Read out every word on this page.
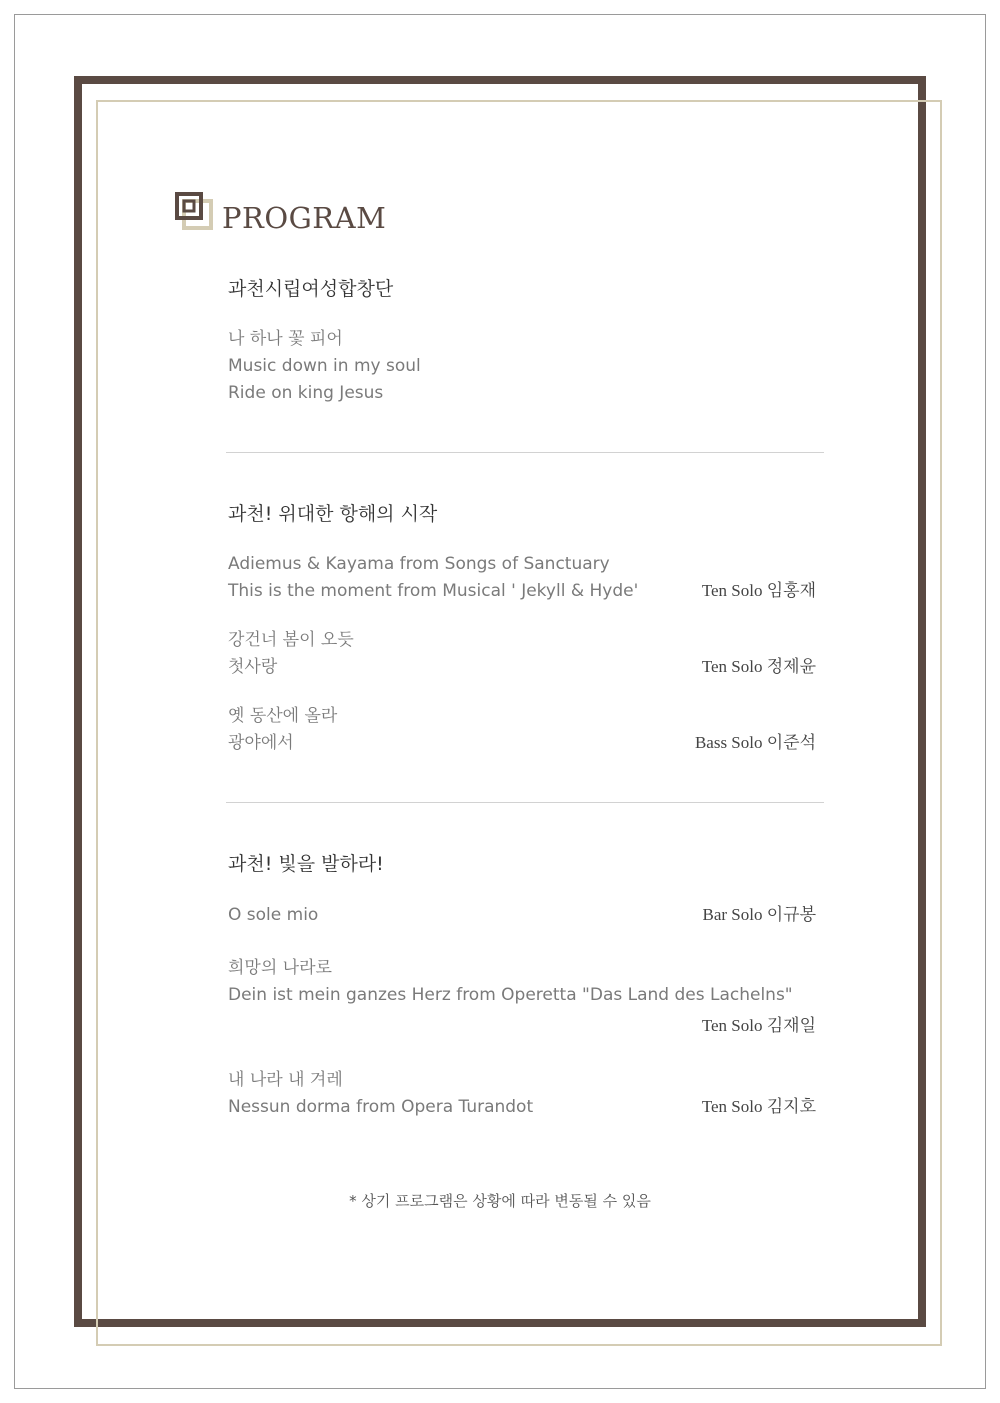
PROGRAM
과천시립여성합창단
나 하나 꽃 피어
Music down in my soul
Ride on king Jesus
과천! 위대한 항해의 시작
Adiemus & Kayama from Songs of Sanctuary
This is the moment from Musical ' Jekyll & Hyde'	Ten Solo 임홍재
강건너 봄이 오듯
첫사랑	Ten Solo 정제윤
옛 동산에 올라
광야에서	Bass Solo 이준석
과천! 빛을 발하라!
O sole mio	Bar Solo 이규봉
희망의 나라로
Dein ist mein ganzes Herz from Operetta "Das Land des Lachelns"
Ten Solo 김재일
내 나라 내 겨레
Nessun dorma from Opera Turandot	Ten Solo 김지호
* 상기 프로그램은 상황에 따라 변동될 수 있음
